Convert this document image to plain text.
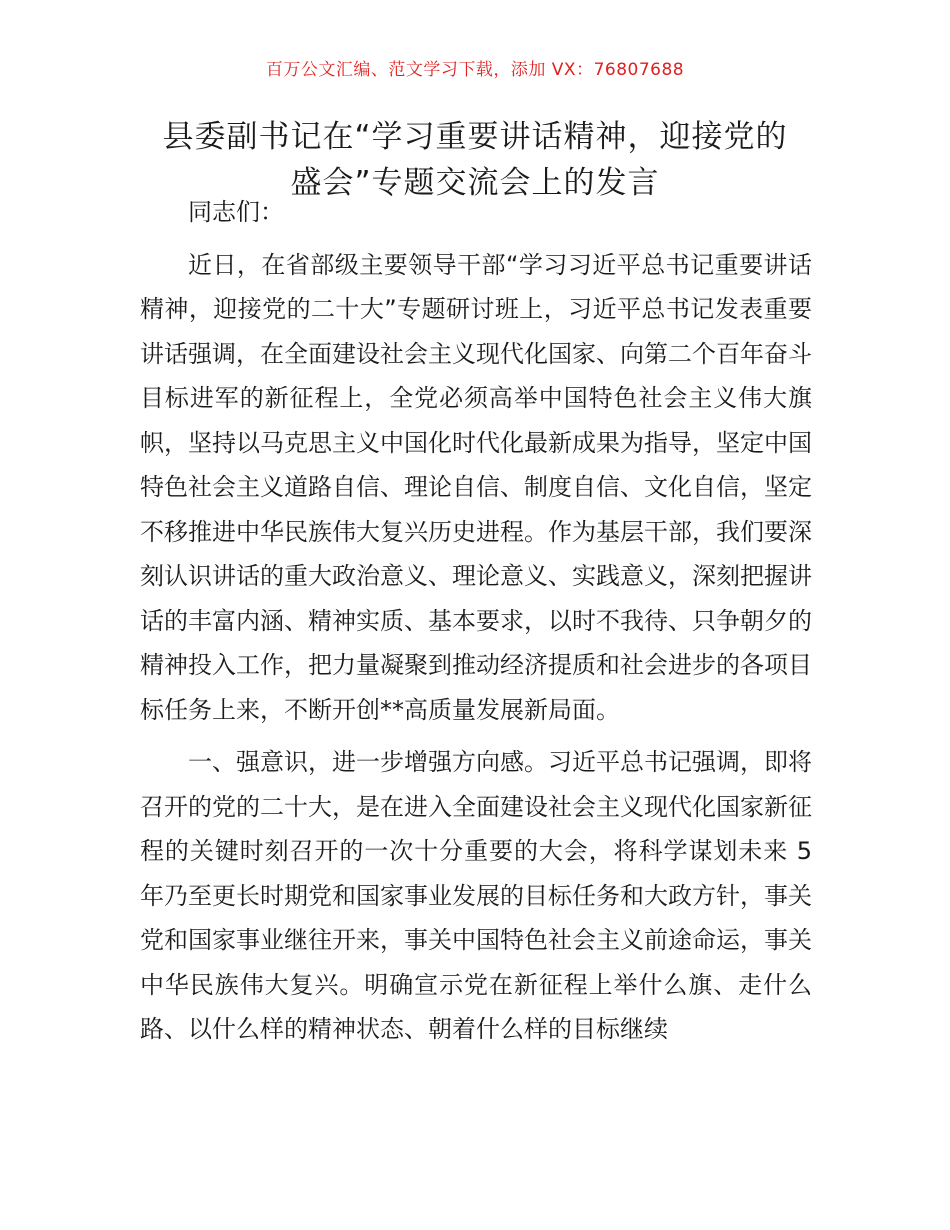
百万公文汇编、范文学习下载，添加 VX：76807688
县委副书记在“学习重要讲话精神，迎接党的
盛会”专题交流会上的发言

同志们：

近日，在省部级主要领导干部“学习习近平总书记重要讲话精神，迎接党的二十大”专题研讨班上，习近平总书记发表重要讲话强调，在全面建设社会主义现代化国家、向第二个百年奋斗目标进军的新征程上，全党必须高举中国特色社会主义伟大旗帜，坚持以马克思主义中国化时代化最新成果为指导，坚定中国特色社会主义道路自信、理论自信、制度自信、文化自信，坚定不移推进中华民族伟大复兴历史进程。作为基层干部，我们要深刻认识讲话的重大政治意义、理论意义、实践意义，深刻把握讲话的丰富内涵、精神实质、基本要求，以时不我待、只争朝夕的精神投入工作，把力量凝聚到推动经济提质和社会进步的各项目标任务上来，不断开创**高质量发展新局面。

一、强意识，进一步增强方向感。习近平总书记强调，即将召开的党的二十大，是在进入全面建设社会主义现代化国家新征程的关键时刻召开的一次十分重要的大会，将科学谋划未来 5 年乃至更长时期党和国家事业发展的目标任务和大政方针，事关党和国家事业继往开来，事关中国特色社会主义前途命运，事关中华民族伟大复兴。明确宣示党在新征程上举什么旗、走什么路、以什么样的精神状态、朝着什么样的目标继续
